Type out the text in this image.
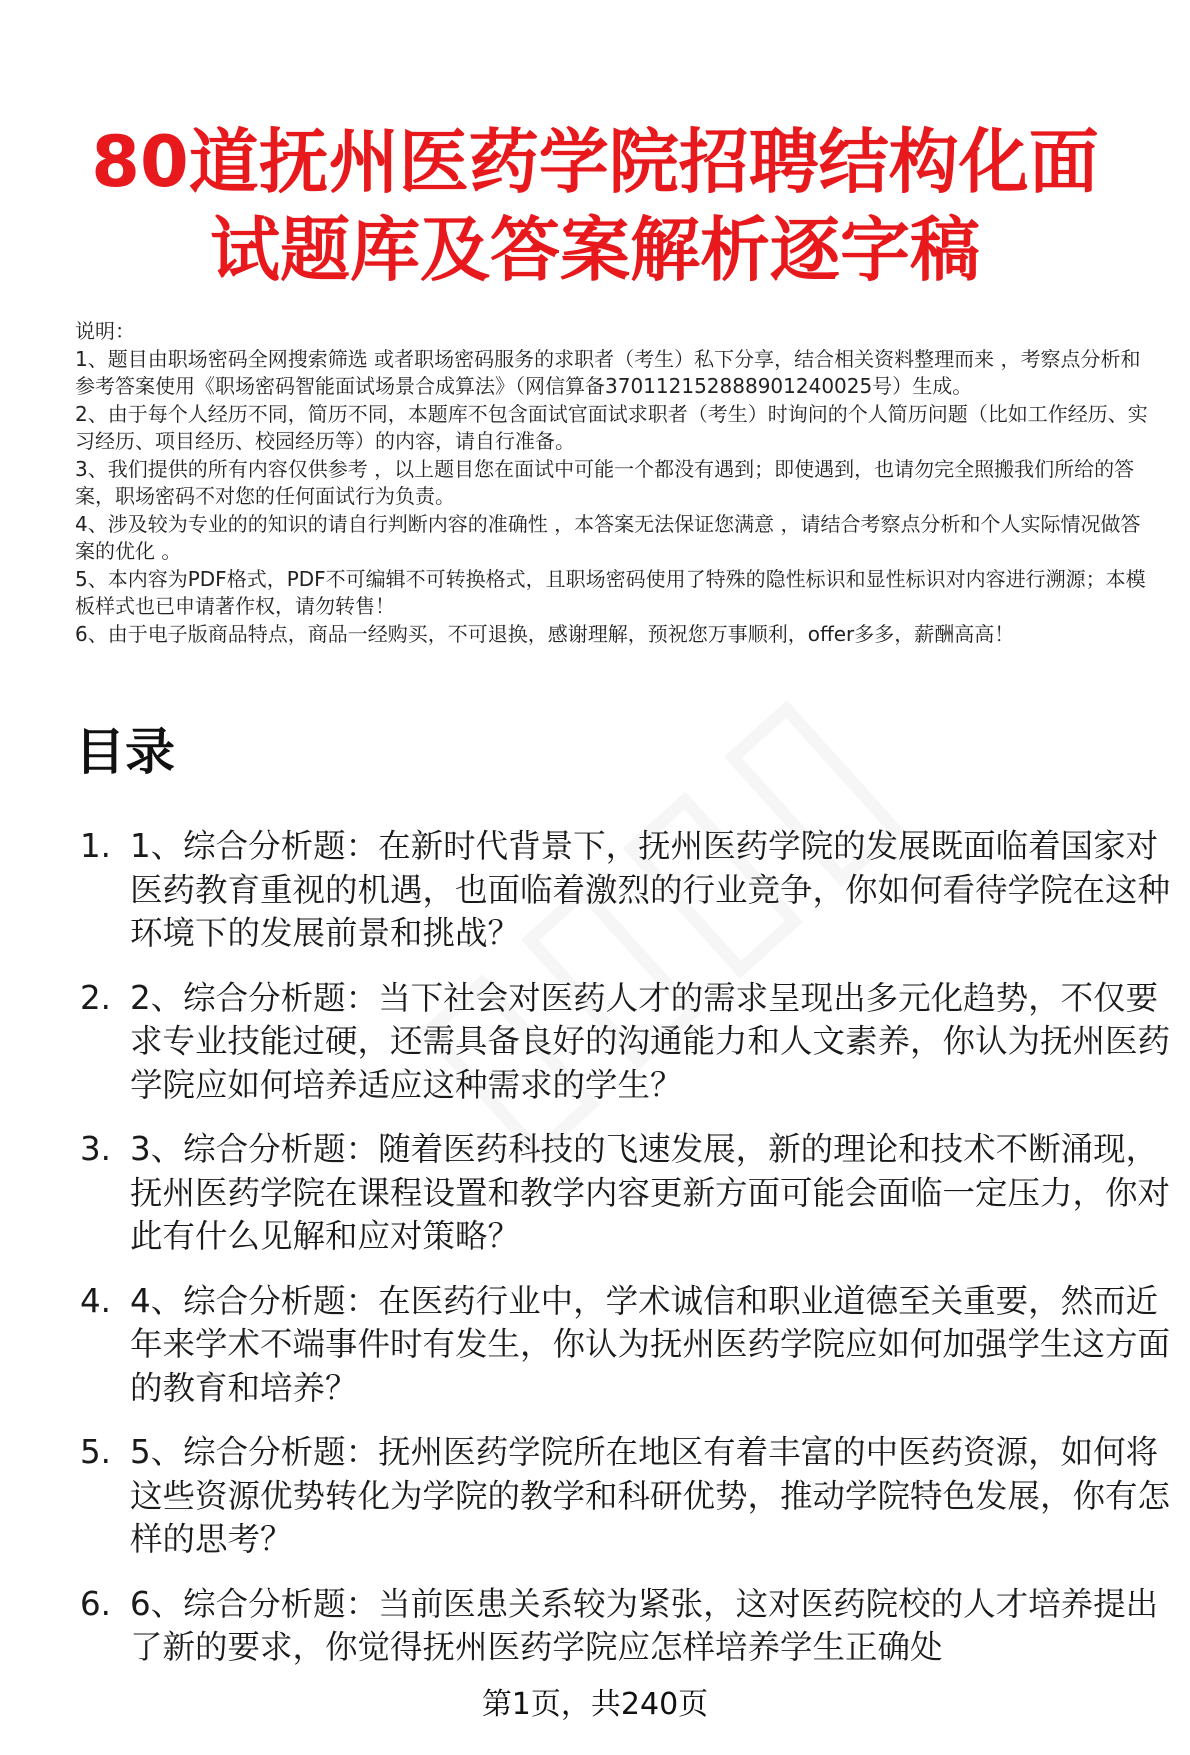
80道抚州医药学院招聘结构化面试题库及答案解析逐字稿

说明：

1、题目由职场密码全网搜索筛选 或者职场密码服务的求职者（考生）私下分享，结合相关资料整理而来 ，考察点分析和参考答案使用《职场密码智能面试场景合成算法》（网信算备370112152888901240025号）生成。

2、由于每个人经历不同，简历不同，本题库不包含面试官面试求职者（考生）时询问的个人简历问题（比如工作经历、实习经历、项目经历、校园经历等）的内容，请自行准备。

3、我们提供的所有内容仅供参考 ，以上题目您在面试中可能一个都没有遇到；即使遇到，也请勿完全照搬我们所给的答案，职场密码不对您的任何面试行为负责。

4、涉及较为专业的的知识的请自行判断内容的准确性 ，本答案无法保证您满意 ，请结合考察点分析和个人实际情况做答案的优化 。

5、本内容为PDF格式，PDF不可编辑不可转换格式，且职场密码使用了特殊的隐性标识和显性标识对内容进行溯源；本模板样式也已申请著作权，请勿转售！

6、由于电子版商品特点，商品一经购买，不可退换，感谢理解，预祝您万事顺利，offer多多，薪酬高高！

目录
1. 1、综合分析题：在新时代背景下，抚州医药学院的发展既面临着国家对医药教育重视的机遇，也面临着激烈的行业竞争，你如何看待学院在这种环境下的发展前景和挑战？
2. 2、综合分析题：当下社会对医药人才的需求呈现出多元化趋势，不仅要求专业技能过硬，还需具备良好的沟通能力和人文素养，你认为抚州医药学院应如何培养适应这种需求的学生？
3. 3、综合分析题：随着医药科技的飞速发展，新的理论和技术不断涌现，抚州医药学院在课程设置和教学内容更新方面可能会面临一定压力，你对此有什么见解和应对策略？
4. 4、综合分析题：在医药行业中，学术诚信和职业道德至关重要，然而近年来学术不端事件时有发生，你认为抚州医药学院应如何加强学生这方面的教育和培养？
5. 5、综合分析题：抚州医药学院所在地区有着丰富的中医药资源，如何将这些资源优势转化为学院的教学和科研优势，推动学院特色发展，你有怎样的思考？
6. 6、综合分析题：当前医患关系较为紧张，这对医药院校的人才培养提出了新的要求，你觉得抚州医药学院应怎样培养学生正确处
第1页，共240页
